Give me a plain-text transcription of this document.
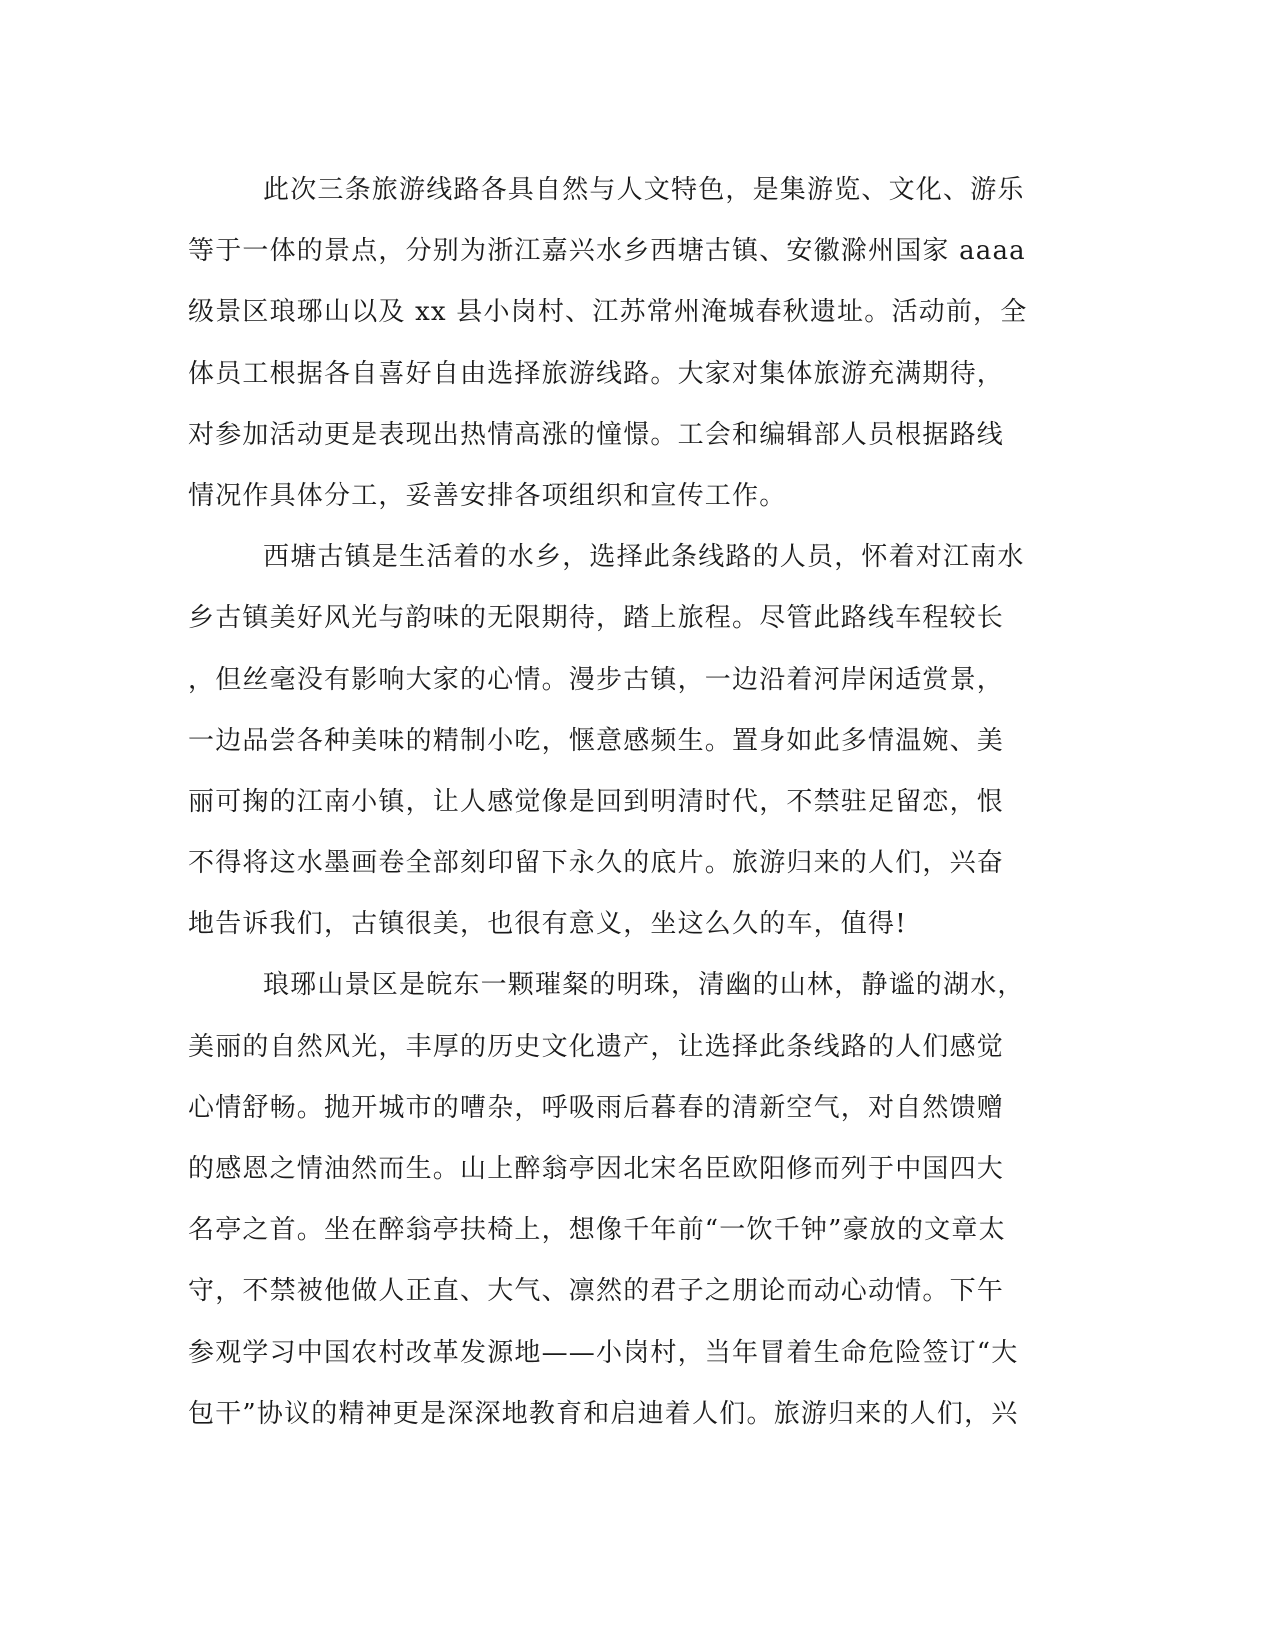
此次三条旅游线路各具自然与人文特色，是集游览、文化、游乐
等于一体的景点，分别为浙江嘉兴水乡西塘古镇、安徽滁州国家 aaaa
级景区琅琊山以及 xx 县小岗村、江苏常州淹城春秋遗址。活动前，全
体员工根据各自喜好自由选择旅游线路。大家对集体旅游充满期待，
对参加活动更是表现出热情高涨的憧憬。工会和编辑部人员根据路线
情况作具体分工，妥善安排各项组织和宣传工作。
西塘古镇是生活着的水乡，选择此条线路的人员，怀着对江南水
乡古镇美好风光与韵味的无限期待，踏上旅程。尽管此路线车程较长
，但丝毫没有影响大家的心情。漫步古镇，一边沿着河岸闲适赏景，
一边品尝各种美味的精制小吃，惬意感频生。置身如此多情温婉、美
丽可掬的江南小镇，让人感觉像是回到明清时代，不禁驻足留恋，恨
不得将这水墨画卷全部刻印留下永久的底片。旅游归来的人们，兴奋
地告诉我们，古镇很美，也很有意义，坐这么久的车，值得!
琅琊山景区是皖东一颗璀粲的明珠，清幽的山林，静谧的湖水，
美丽的自然风光，丰厚的历史文化遗产，让选择此条线路的人们感觉
心情舒畅。抛开城市的嘈杂，呼吸雨后暮春的清新空气，对自然馈赠
的感恩之情油然而生。山上醉翁亭因北宋名臣欧阳修而列于中国四大
名亭之首。坐在醉翁亭扶椅上，想像千年前“一饮千钟”豪放的文章太
守，不禁被他做人正直、大气、凛然的君子之朋论而动心动情。下午
参观学习中国农村改革发源地——小岗村，当年冒着生命危险签订“大
包干”协议的精神更是深深地教育和启迪着人们。旅游归来的人们，兴
